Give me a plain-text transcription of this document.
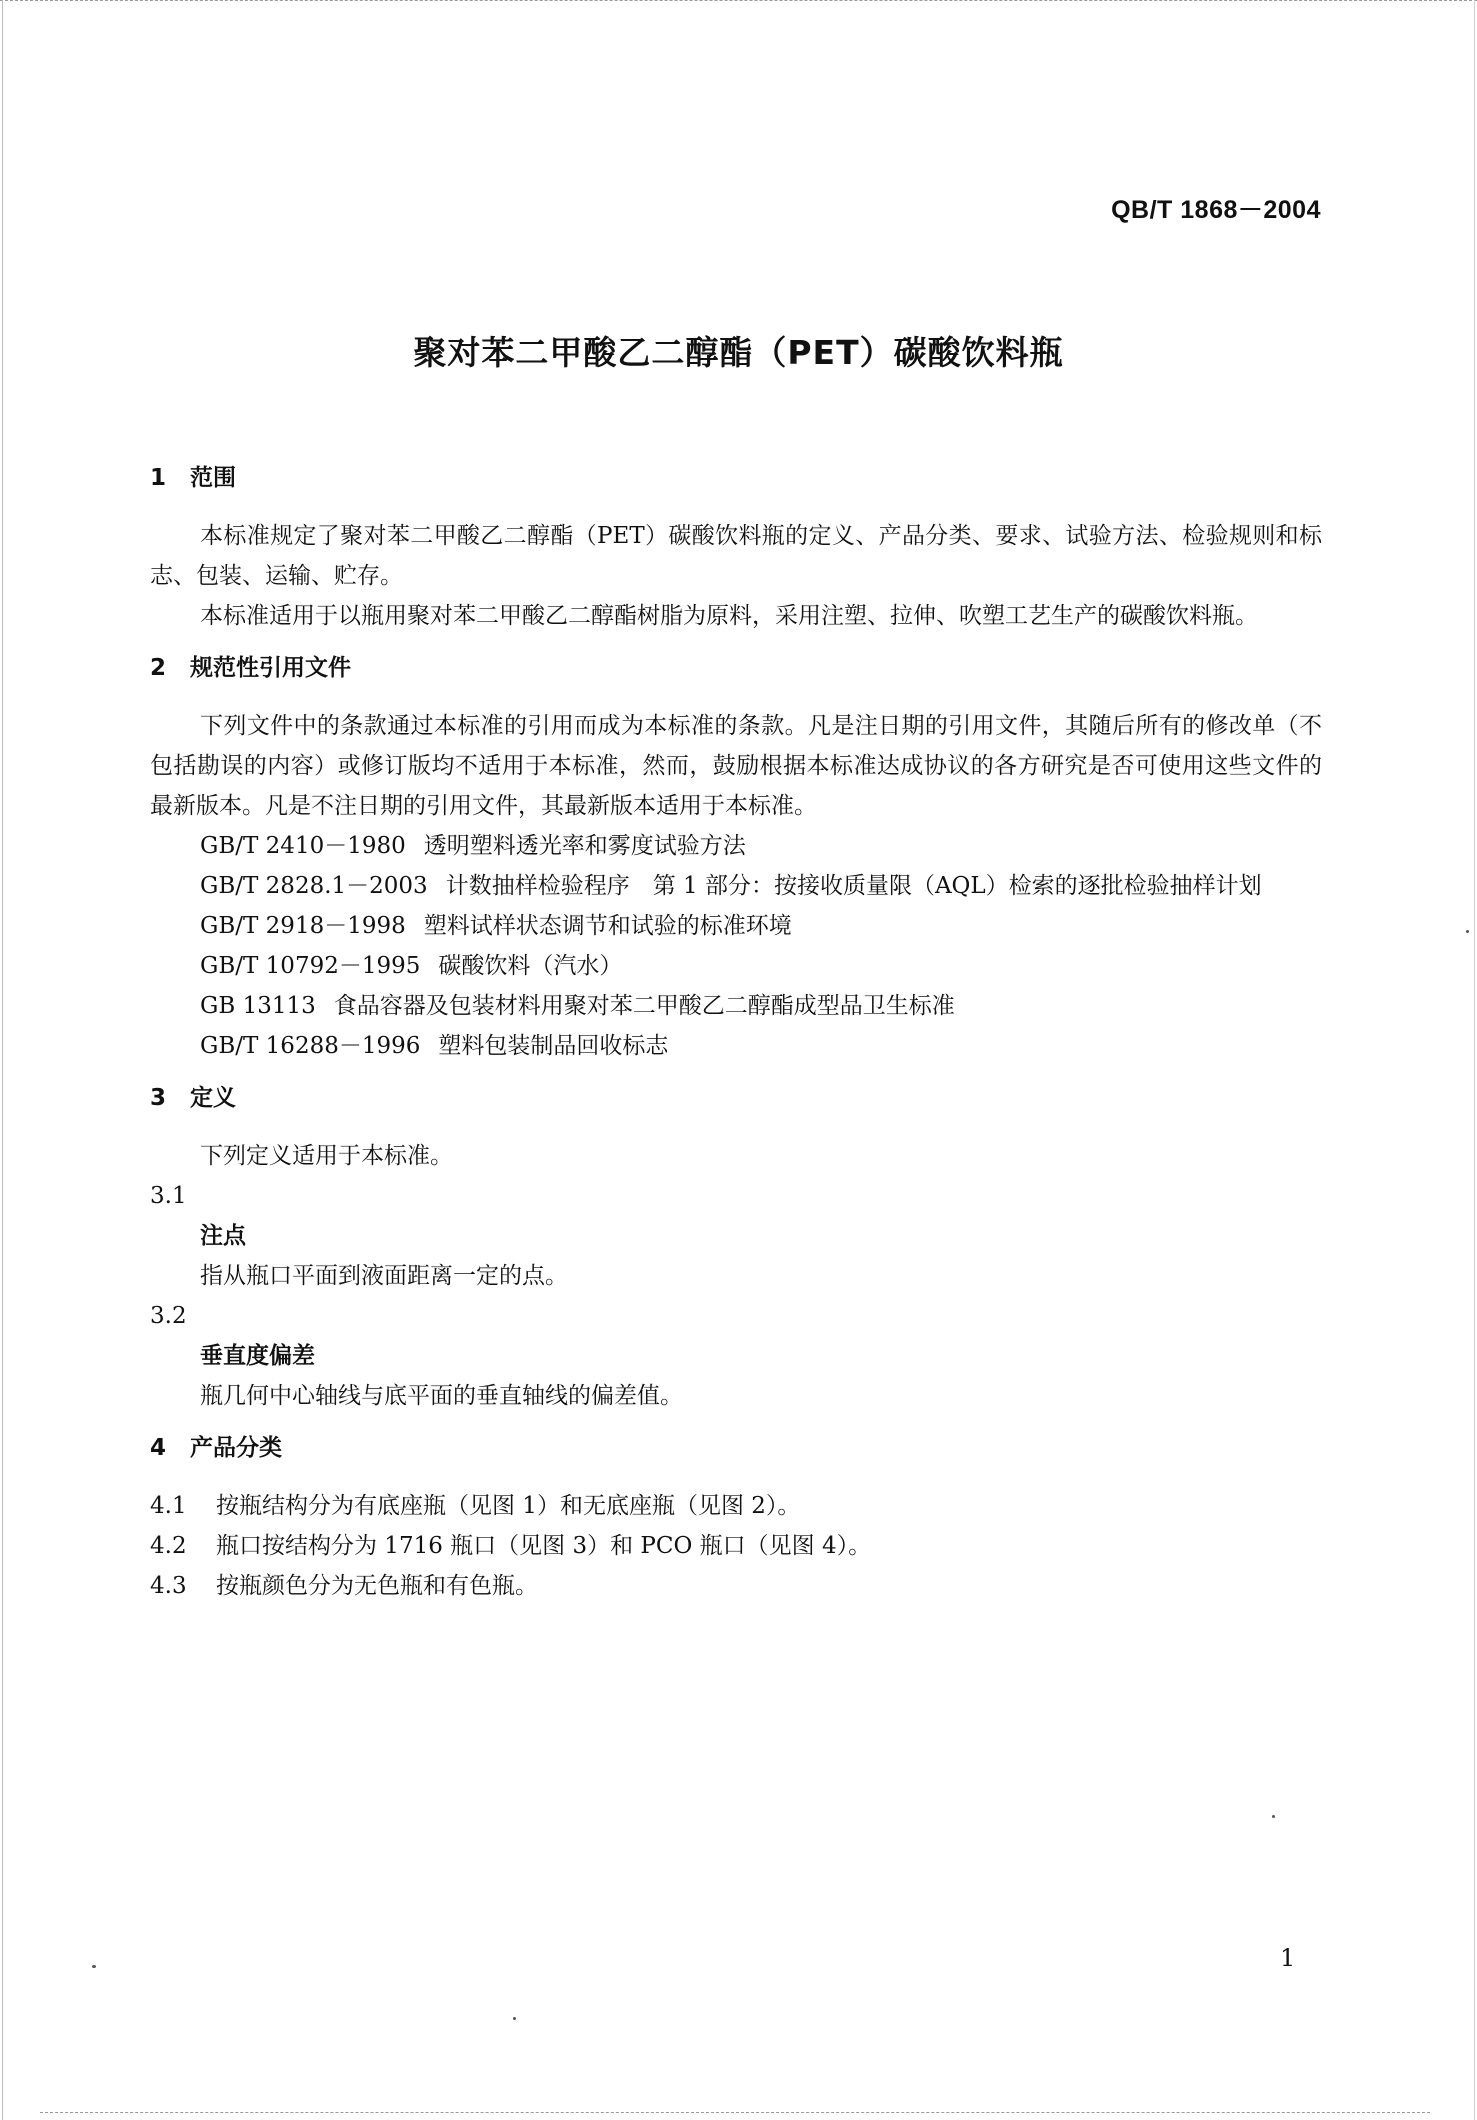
QB/T 1868－2004
聚对苯二甲酸乙二醇酯（PET）碳酸饮料瓶
1 范围

本标准规定了聚对苯二甲酸乙二醇酯（PET）碳酸饮料瓶的定义、产品分类、要求、试验方法、检验规则和标志、包装、运输、贮存。

本标准适用于以瓶用聚对苯二甲酸乙二醇酯树脂为原料，采用注塑、拉伸、吹塑工艺生产的碳酸饮料瓶。

2 规范性引用文件

下列文件中的条款通过本标准的引用而成为本标准的条款。凡是注日期的引用文件，其随后所有的修改单（不包括勘误的内容）或修订版均不适用于本标准，然而，鼓励根据本标准达成协议的各方研究是否可使用这些文件的最新版本。凡是不注日期的引用文件，其最新版本适用于本标准。

GB/T 2410－1980 透明塑料透光率和雾度试验方法
GB/T 2828.1－2003 计数抽样检验程序　第 1 部分：按接收质量限（AQL）检索的逐批检验抽样计划
GB/T 2918－1998 塑料试样状态调节和试验的标准环境
GB/T 10792－1995 碳酸饮料（汽水）
GB 13113 食品容器及包装材料用聚对苯二甲酸乙二醇酯成型品卫生标准
GB/T 16288－1996 塑料包装制品回收标志
3 定义

下列定义适用于本标准。

3.1
注点
指从瓶口平面到液面距离一定的点。
3.2
垂直度偏差
瓶几何中心轴线与底平面的垂直轴线的偏差值。
4 产品分类
4.1 按瓶结构分为有底座瓶（见图 1）和无底座瓶（见图 2）。
4.2 瓶口按结构分为 1716 瓶口（见图 3）和 PCO 瓶口（见图 4）。
4.3 按瓶颜色分为无色瓶和有色瓶。
1
